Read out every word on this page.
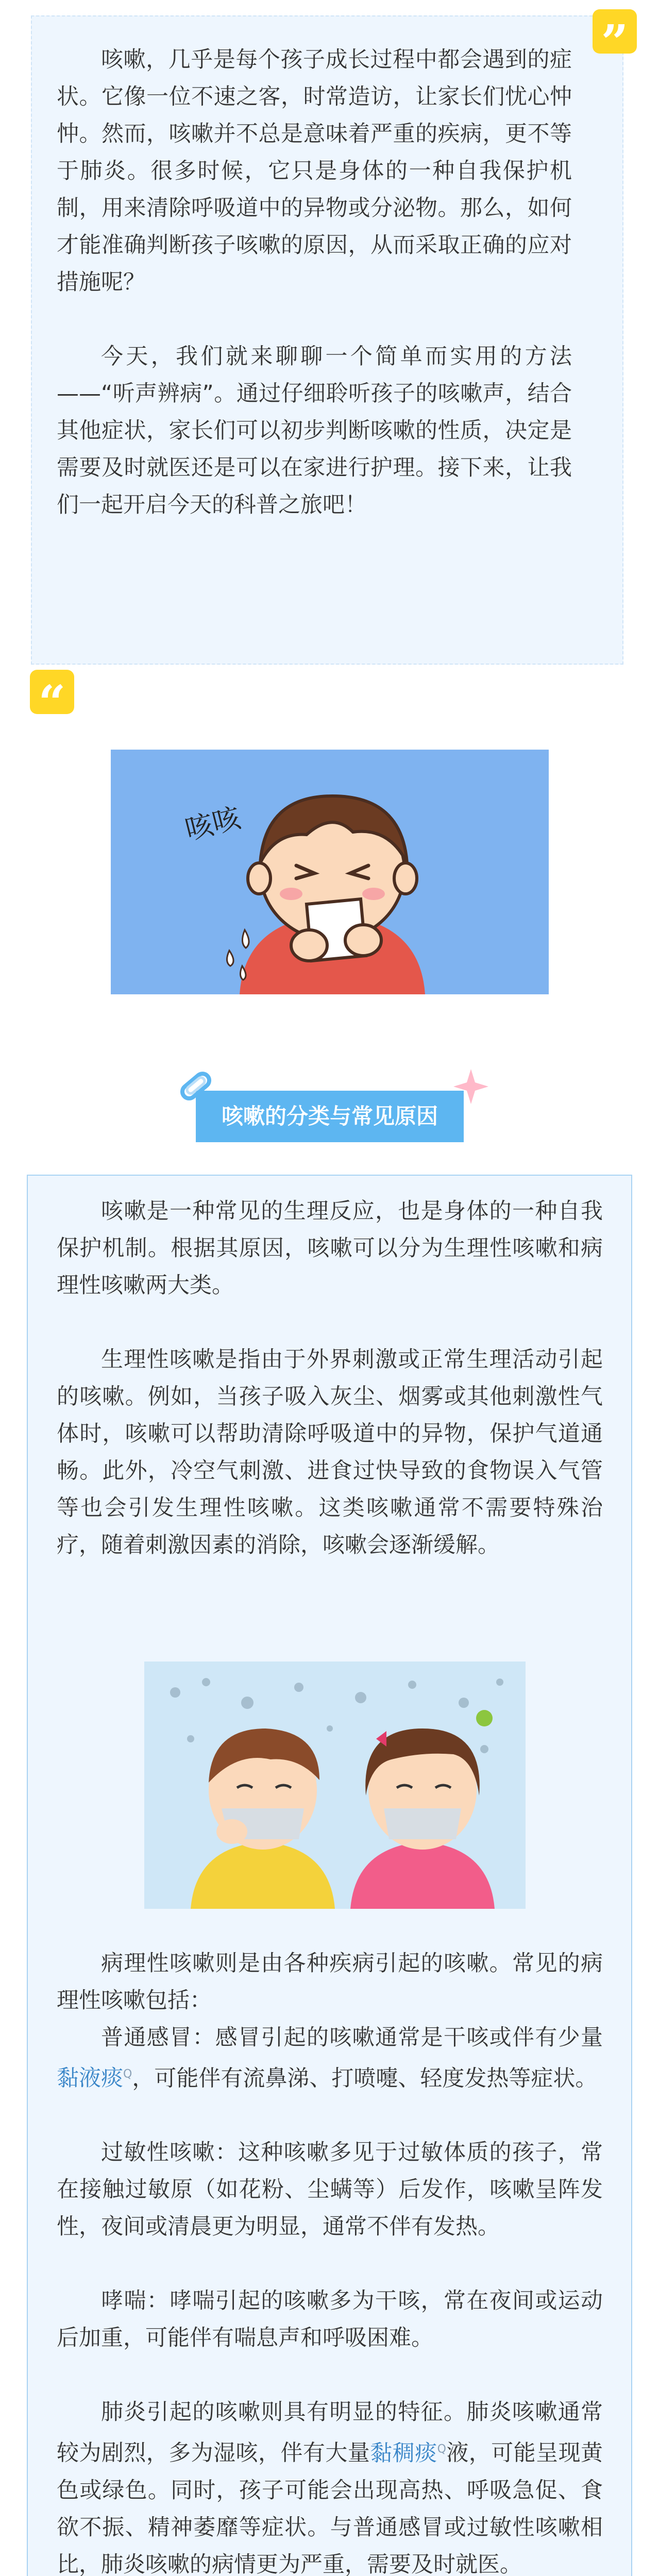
”

咳嗽，几乎是每个孩子成长过程中都会遇到的症状。它像一位不速之客，时常造访，让家长们忧心忡忡。然而，咳嗽并不总是意味着严重的疾病，更不等于肺炎。很多时候，它只是身体的一种自我保护机制，用来清除呼吸道中的异物或分泌物。那么，如何才能准确判断孩子咳嗽的原因，从而采取正确的应对措施呢？

今天，我们就来聊聊一个简单而实用的方法——“听声辨病”。通过仔细聆听孩子的咳嗽声，结合其他症状，家长们可以初步判断咳嗽的性质，决定是需要及时就医还是可以在家进行护理。接下来，让我们一起开启今天的科普之旅吧！

“
咳咳
咳嗽的分类与常见原因

咳嗽是一种常见的生理反应，也是身体的一种自我保护机制。根据其原因，咳嗽可以分为生理性咳嗽和病理性咳嗽两大类。

生理性咳嗽是指由于外界刺激或正常生理活动引起的咳嗽。例如，当孩子吸入灰尘、烟雾或其他刺激性气体时，咳嗽可以帮助清除呼吸道中的异物，保护气道通畅。此外，冷空气刺激、进食过快导致的食物误入气管等也会引发生理性咳嗽。这类咳嗽通常不需要特殊治疗，随着刺激因素的消除，咳嗽会逐渐缓解。

病理性咳嗽则是由各种疾病引起的咳嗽。常见的病理性咳嗽包括：

普通感冒：感冒引起的咳嗽通常是干咳或伴有少量黏液痰$^Q$，可能伴有流鼻涕、打喷嚏、轻度发热等症状。

过敏性咳嗽：这种咳嗽多见于过敏体质的孩子，常在接触过敏原（如花粉、尘螨等）后发作，咳嗽呈阵发性，夜间或清晨更为明显，通常不伴有发热。

哮喘：哮喘引起的咳嗽多为干咳，常在夜间或运动后加重，可能伴有喘息声和呼吸困难。

肺炎引起的咳嗽则具有明显的特征。肺炎咳嗽通常较为剧烈，多为湿咳，伴有大量黏稠痰$^Q$液，可能呈现黄色或绿色。同时，孩子可能会出现高热、呼吸急促、食欲不振、精神萎靡等症状。与普通感冒或过敏性咳嗽相比，肺炎咳嗽的病情更为严重，需要及时就医。
